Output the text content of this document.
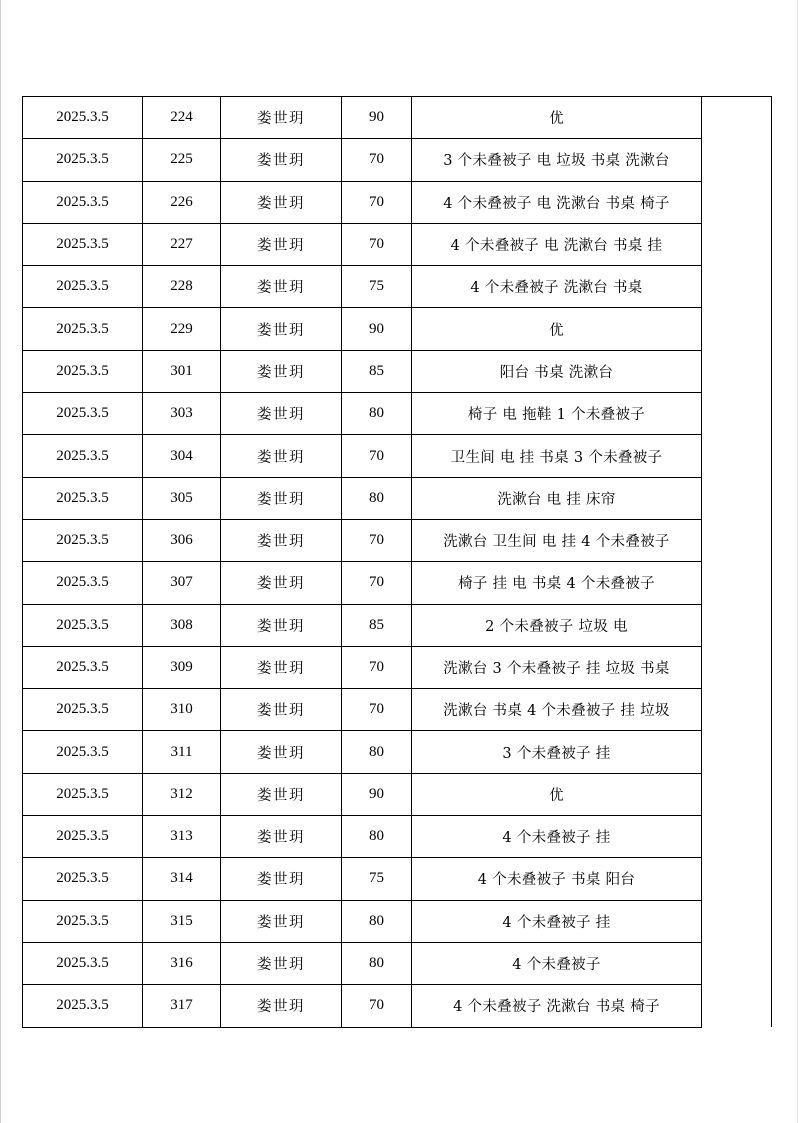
2025.3.5	224	娄世玥	90	优	
2025.3.5	225	娄世玥	70	3 个未叠被子 电 垃圾 书桌 洗漱台	
2025.3.5	226	娄世玥	70	4 个未叠被子 电 洗漱台 书桌 椅子	
2025.3.5	227	娄世玥	70	4 个未叠被子 电 洗漱台 书桌 挂	
2025.3.5	228	娄世玥	75	4 个未叠被子 洗漱台 书桌	
2025.3.5	229	娄世玥	90	优	
2025.3.5	301	娄世玥	85	阳台 书桌 洗漱台	
2025.3.5	303	娄世玥	80	椅子 电 拖鞋 1 个未叠被子	
2025.3.5	304	娄世玥	70	卫生间 电 挂 书桌 3 个未叠被子	
2025.3.5	305	娄世玥	80	洗漱台 电 挂 床帘	
2025.3.5	306	娄世玥	70	洗漱台 卫生间 电 挂 4 个未叠被子	
2025.3.5	307	娄世玥	70	椅子 挂 电 书桌 4 个未叠被子	
2025.3.5	308	娄世玥	85	2 个未叠被子 垃圾 电	
2025.3.5	309	娄世玥	70	洗漱台 3 个未叠被子 挂 垃圾 书桌	
2025.3.5	310	娄世玥	70	洗漱台 书桌 4 个未叠被子 挂 垃圾	
2025.3.5	311	娄世玥	80	3 个未叠被子 挂	
2025.3.5	312	娄世玥	90	优	
2025.3.5	313	娄世玥	80	4 个未叠被子 挂	
2025.3.5	314	娄世玥	75	4 个未叠被子 书桌 阳台	
2025.3.5	315	娄世玥	80	4 个未叠被子 挂	
2025.3.5	316	娄世玥	80	4 个未叠被子	
2025.3.5	317	娄世玥	70	4 个未叠被子 洗漱台 书桌 椅子	
